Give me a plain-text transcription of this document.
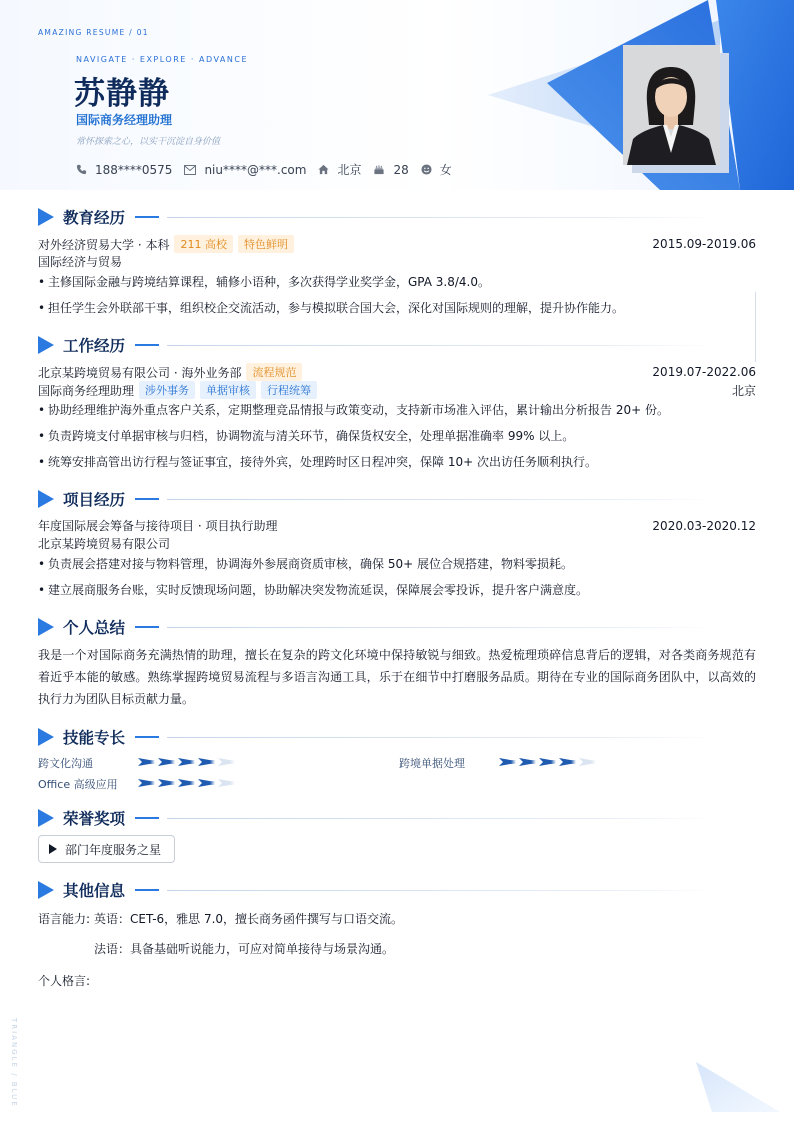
AMAZING RESUME / 01
NAVIGATE · EXPLORE · ADVANCE
苏静静
国际商务经理助理
常怀探索之心，以实干沉淀自身价值
188****0575	niu****@***.com	北京	28	女
教育经历
对外经济贸易大学 · 本科	211 高校	特色鲜明	2015.09-2019.06
国际经济与贸易
• 主修国际金融与跨境结算课程，辅修小语种，多次获得学业奖学金，GPA 3.8/4.0。
• 担任学生会外联部干事，组织校企交流活动，参与模拟联合国大会，深化对国际规则的理解，提升协作能力。
工作经历
北京某跨境贸易有限公司 · 海外业务部	流程规范	2019.07-2022.06
国际商务经理助理	涉外事务	单据审核	行程统筹	北京
• 协助经理维护海外重点客户关系，定期整理竞品情报与政策变动，支持新市场准入评估，累计输出分析报告 20+ 份。
• 负责跨境支付单据审核与归档，协调物流与清关环节，确保货权安全，处理单据准确率 99% 以上。
• 统筹安排高管出访行程与签证事宜，接待外宾，处理跨时区日程冲突，保障 10+ 次出访任务顺利执行。
项目经历
年度国际展会筹备与接待项目 · 项目执行助理	2020.03-2020.12
北京某跨境贸易有限公司
• 负责展会搭建对接与物料管理，协调海外参展商资质审核，确保 50+ 展位合规搭建，物料零损耗。
• 建立展商服务台账，实时反馈现场问题，协助解决突发物流延误，保障展会零投诉，提升客户满意度。
个人总结
我是一个对国际商务充满热情的助理，擅长在复杂的跨文化环境中保持敏锐与细致。热爱梳理琐碎信息背后的逻辑，对各类商务规范有着近乎本能的敏感。熟练掌握跨境贸易流程与多语言沟通工具，乐于在细节中打磨服务品质。期待在专业的国际商务团队中，以高效的执行力为团队目标贡献力量。
技能专长
跨文化沟通	跨境单据处理
Office 高级应用
荣誉奖项
部门年度服务之星
其他信息
语言能力: 英语：CET-6，雅思 7.0，擅长商务函件撰写与口语交流。
法语：具备基础听说能力，可应对简单接待与场景沟通。
个人格言:
TRIANGLE / BLUE
